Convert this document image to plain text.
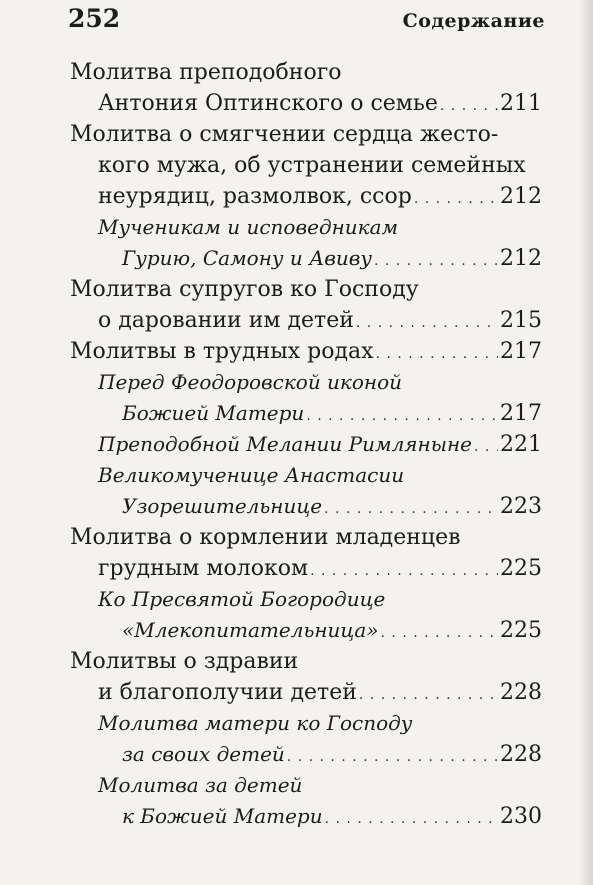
252	Содержание
Молитва преподобного
Антония Оптинского о семье . . .	211
Молитва о смягчении сердца жесто-
кого мужа, об устранении семейных
неурядиц, размолвок, ссор . . .	212
Мученикам и исповедникам
Гурию, Самону и Авиву . . .	212
Молитва супругов ко Господу
о даровании им детей . . .	215
Молитвы в трудных родах . . .	217
Перед Феодоровской иконой
Божией Матери . . .	217
Преподобной Мелании Римляныне . . . 221
Великомученице Анастасии
Узорешительнице . . .	223
Молитва о кормлении младенцев
грудным молоком . . .	225
Ко Пресвятой Богородице
«Млекопитательница» . . .	225
Молитвы о здравии
и благополучии детей . . .	228
Молитва матери ко Господу
за своих детей . . .	228
Молитва за детей
к Божией Матери . . .	230
